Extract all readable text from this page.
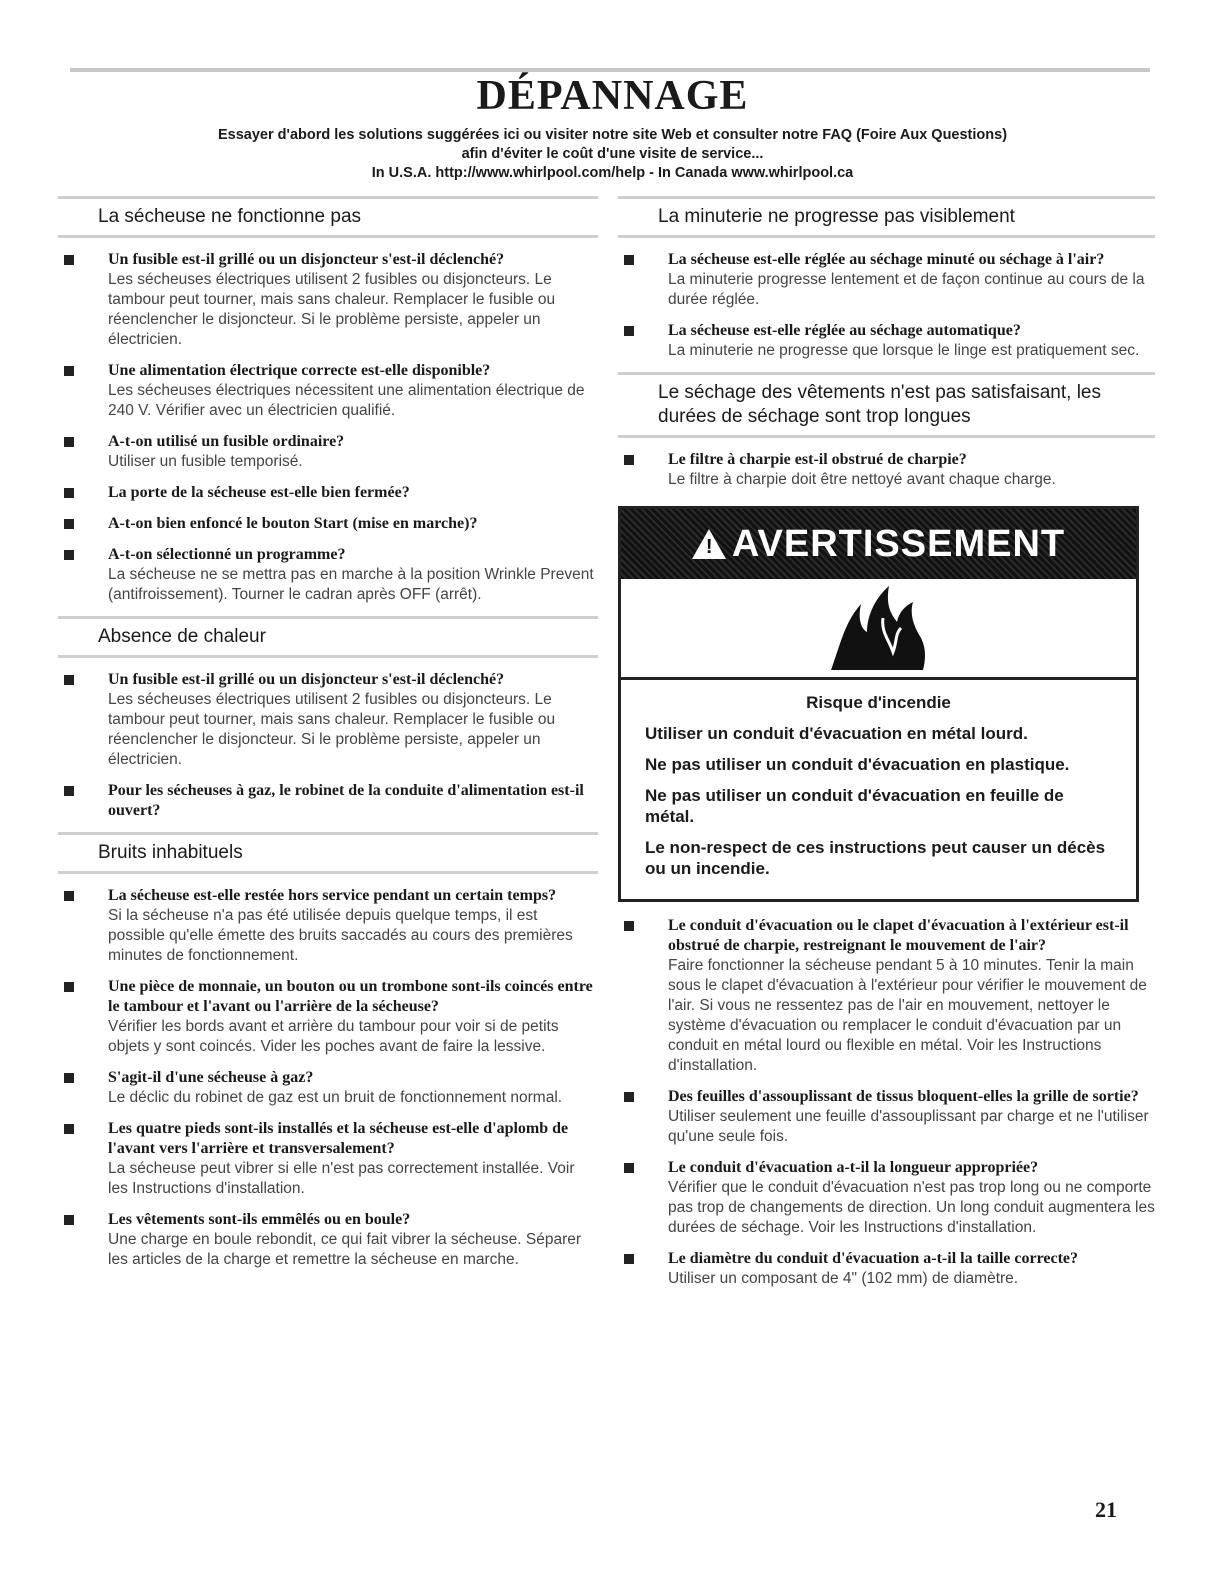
DÉPANNAGE
Essayer d'abord les solutions suggérées ici ou visiter notre site Web et consulter notre FAQ (Foire Aux Questions)
afin d'éviter le coût d'une visite de service...
In U.S.A. http://www.whirlpool.com/help - In Canada www.whirlpool.ca
La sécheuse ne fonctionne pas
Un fusible est-il grillé ou un disjoncteur s'est-il déclenché?
Les sécheuses électriques utilisent 2 fusibles ou disjoncteurs. Le tambour peut tourner, mais sans chaleur. Remplacer le fusible ou réenclencher le disjoncteur. Si le problème persiste, appeler un électricien.
Une alimentation électrique correcte est-elle disponible?
Les sécheuses électriques nécessitent une alimentation électrique de 240 V. Vérifier avec un électricien qualifié.
A-t-on utilisé un fusible ordinaire?
Utiliser un fusible temporisé.
La porte de la sécheuse est-elle bien fermée?
A-t-on bien enfoncé le bouton Start (mise en marche)?
A-t-on sélectionné un programme?
La sécheuse ne se mettra pas en marche à la position Wrinkle Prevent (antifroissement). Tourner le cadran après OFF (arrêt).
Absence de chaleur
Un fusible est-il grillé ou un disjoncteur s'est-il déclenché?
Les sécheuses électriques utilisent 2 fusibles ou disjoncteurs. Le tambour peut tourner, mais sans chaleur. Remplacer le fusible ou réenclencher le disjoncteur. Si le problème persiste, appeler un électricien.
Pour les sécheuses à gaz, le robinet de la conduite d'alimentation est-il ouvert?
Bruits inhabituels
La sécheuse est-elle restée hors service pendant un certain temps?
Si la sécheuse n'a pas été utilisée depuis quelque temps, il est possible qu'elle émette des bruits saccadés au cours des premières minutes de fonctionnement.
Une pièce de monnaie, un bouton ou un trombone sont-ils coincés entre le tambour et l'avant ou l'arrière de la sécheuse?
Vérifier les bords avant et arrière du tambour pour voir si de petits objets y sont coincés. Vider les poches avant de faire la lessive.
S'agit-il d'une sécheuse à gaz?
Le déclic du robinet de gaz est un bruit de fonctionnement normal.
Les quatre pieds sont-ils installés et la sécheuse est-elle d'aplomb de l'avant vers l'arrière et transversalement?
La sécheuse peut vibrer si elle n'est pas correctement installée. Voir les Instructions d'installation.
Les vêtements sont-ils emmêlés ou en boule?
Une charge en boule rebondit, ce qui fait vibrer la sécheuse. Séparer les articles de la charge et remettre la sécheuse en marche.
La minuterie ne progresse pas visiblement
La sécheuse est-elle réglée au séchage minuté ou séchage à l'air?
La minuterie progresse lentement et de façon continue au cours de la durée réglée.
La sécheuse est-elle réglée au séchage automatique?
La minuterie ne progresse que lorsque le linge est pratiquement sec.
Le séchage des vêtements n'est pas satisfaisant, les durées de séchage sont trop longues
Le filtre à charpie est-il obstrué de charpie?
Le filtre à charpie doit être nettoyé avant chaque charge.
! AVERTISSEMENT
Risque d'incendie

Utiliser un conduit d'évacuation en métal lourd.

Ne pas utiliser un conduit d'évacuation en plastique.

Ne pas utiliser un conduit d'évacuation en feuille de métal.

Le non-respect de ces instructions peut causer un décès ou un incendie.

Le conduit d'évacuation ou le clapet d'évacuation à l'extérieur est-il obstrué de charpie, restreignant le mouvement de l'air?
Faire fonctionner la sécheuse pendant 5 à 10 minutes. Tenir la main sous le clapet d'évacuation à l'extérieur pour vérifier le mouvement de l'air. Si vous ne ressentez pas de l'air en mouvement, nettoyer le système d'évacuation ou remplacer le conduit d'évacuation par un conduit en métal lourd ou flexible en métal. Voir les Instructions d'installation.
Des feuilles d'assouplissant de tissus bloquent-elles la grille de sortie?
Utiliser seulement une feuille d'assouplissant par charge et ne l'utiliser qu'une seule fois.
Le conduit d'évacuation a-t-il la longueur appropriée?
Vérifier que le conduit d'évacuation n'est pas trop long ou ne comporte pas trop de changements de direction. Un long conduit augmentera les durées de séchage. Voir les Instructions d'installation.
Le diamètre du conduit d'évacuation a-t-il la taille correcte?
Utiliser un composant de 4" (102 mm) de diamètre.
21
